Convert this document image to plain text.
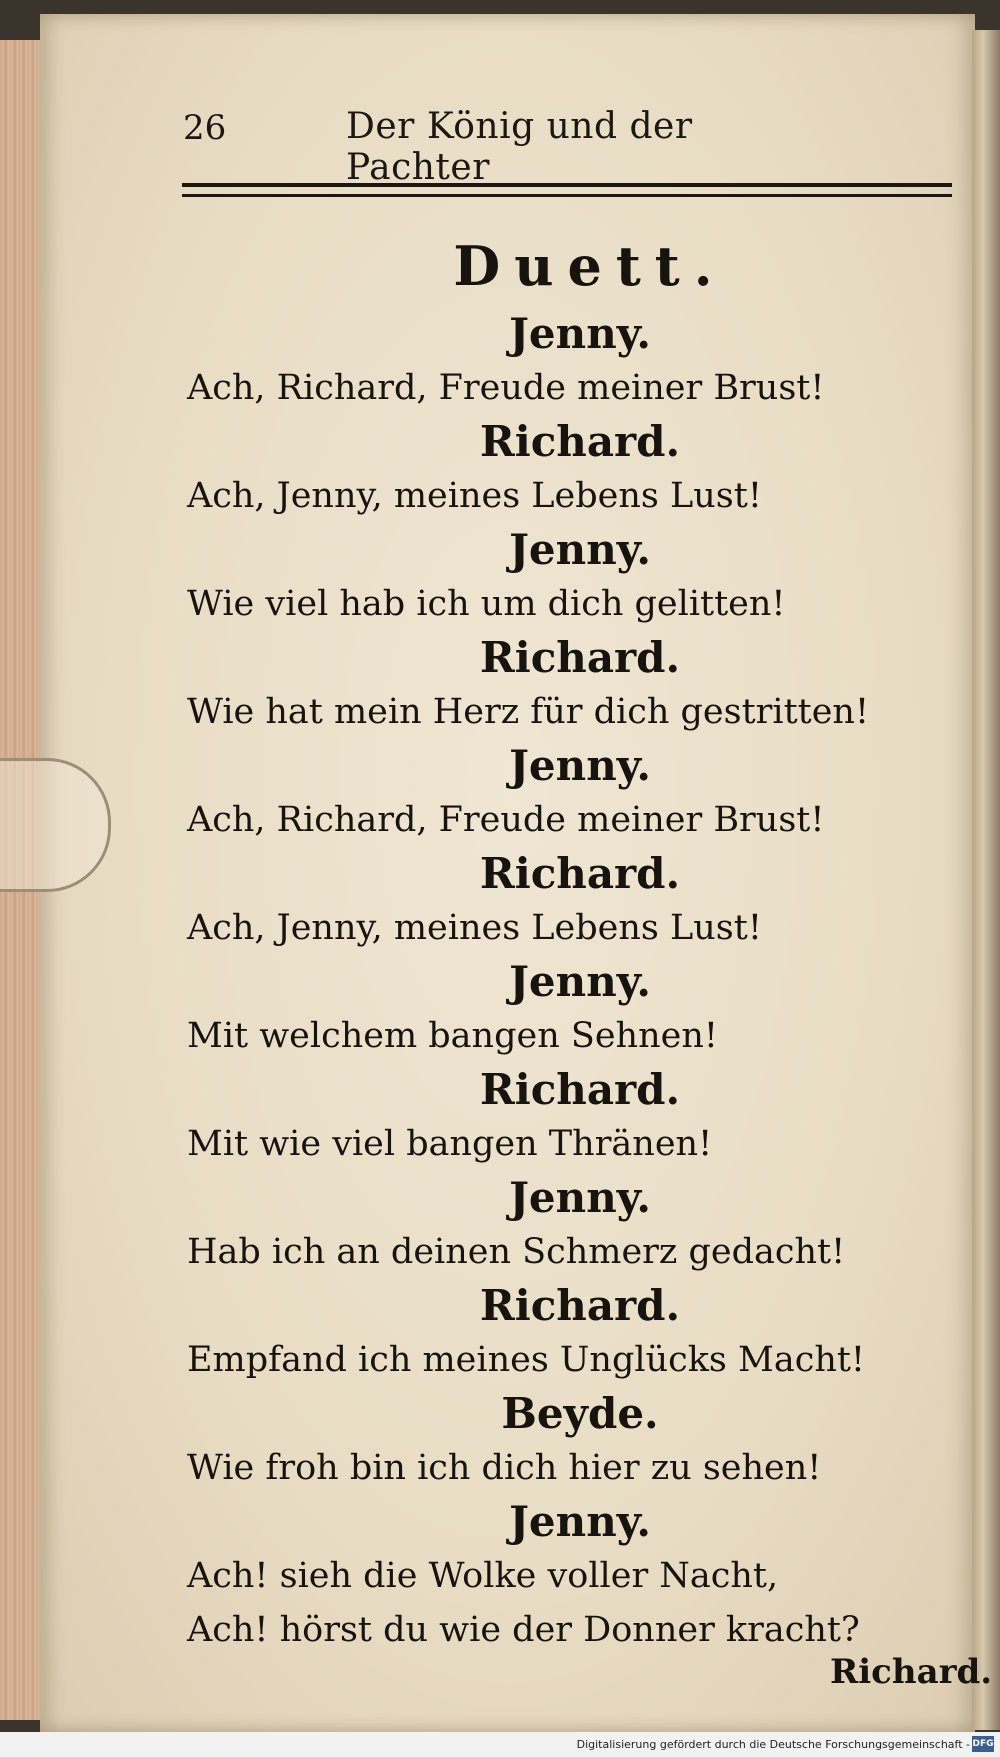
26	Der König und der Pachter
Duett.
Jenny.
Ach, Richard, Freude meiner Brust!
Richard.
Ach, Jenny, meines Lebens Lust!
Jenny.
Wie viel hab ich um dich gelitten!
Richard.
Wie hat mein Herz für dich gestritten!
Jenny.
Ach, Richard, Freude meiner Brust!
Richard.
Ach, Jenny, meines Lebens Lust!
Jenny.
Mit welchem bangen Sehnen!
Richard.
Mit wie viel bangen Thränen!
Jenny.
Hab ich an deinen Schmerz gedacht!
Richard.
Empfand ich meines Unglücks Macht!
Beyde.
Wie froh bin ich dich hier zu sehen!
Jenny.
Ach! sieh die Wolke voller Nacht,
Ach! hörst du wie der Donner kracht?
Richard.
Digitalisierung gefördert durch die Deutsche Forschungsgemeinschaft - DFG
